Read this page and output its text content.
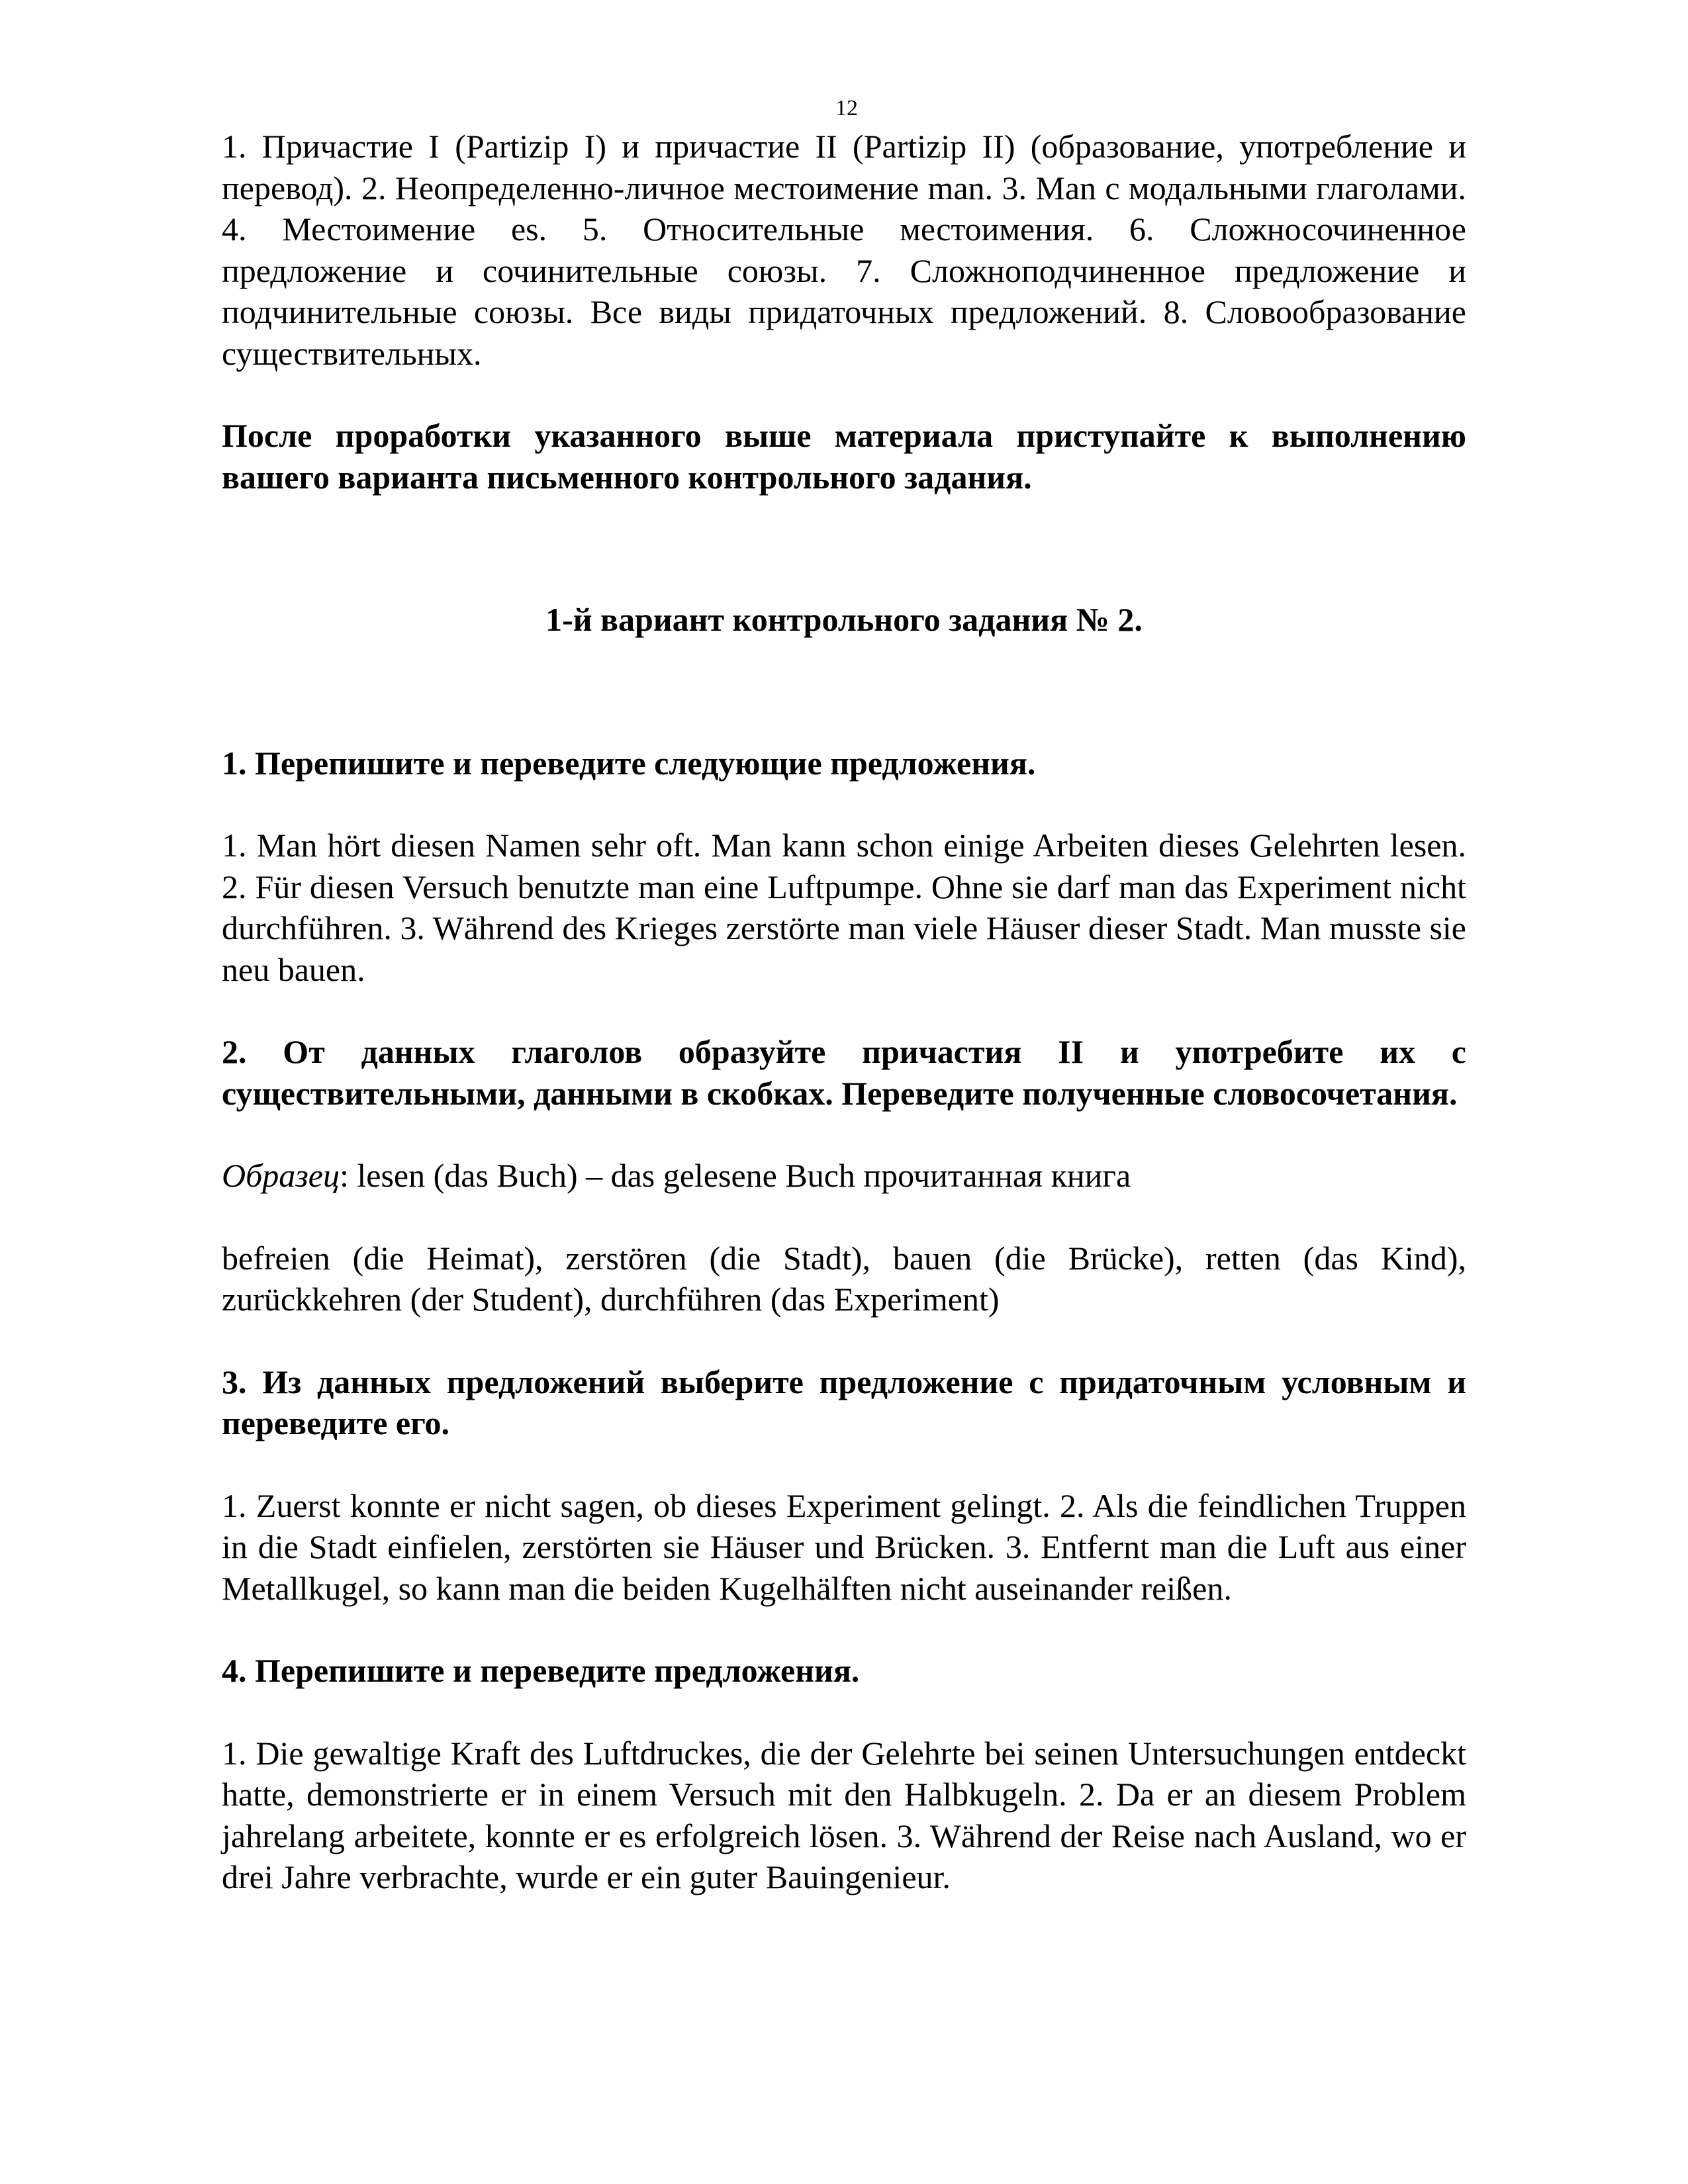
12

1. Причастие I (Partizip I) и причастие II (Partizip II) (образование, употребление и перевод). 2. Неопределенно-личное местоимение man. 3. Man с модальными глаголами. 4. Местоимение es. 5. Относительные местоимения. 6. Сложносочиненное предложение и сочинительные союзы. 7. Сложноподчиненное предложение и подчинительные союзы. Все виды придаточных предложений. 8. Словообразование существительных.

После проработки указанного выше материала приступайте к выполнению вашего варианта письменного контрольного задания.

1-й вариант контрольного задания № 2.

1. Перепишите и переведите следующие предложения.

1. Man hört diesen Namen sehr oft. Man kann schon einige Arbeiten dieses Gelehrten lesen. 2. Für diesen Versuch benutzte man eine Luftpumpe. Ohne sie darf man das Experiment nicht durchführen. 3. Während des Krieges zerstörte man viele Häuser dieser Stadt. Man musste sie neu bauen.

2. От данных глаголов образуйте причастия II и употребите их с существительными, данными в скобках. Переведите полученные словосочетания.

Образец: lesen (das Buch) – das gelesene Buch прочитанная книга

befreien (die Heimat), zerstören (die Stadt), bauen (die Brücke), retten (das Kind), zurückkehren (der Student), durchführen (das Experiment)

3. Из данных предложений выберите предложение с придаточным условным и переведите его.

1. Zuerst konnte er nicht sagen, ob dieses Experiment gelingt. 2. Als die feindlichen Truppen in die Stadt einfielen, zerstörten sie Häuser und Brücken. 3. Entfernt man die Luft aus einer Metallkugel, so kann man die beiden Kugelhälften nicht auseinander reißen.

4. Перепишите и переведите предложения.

1. Die gewaltige Kraft des Luftdruckes, die der Gelehrte bei seinen Untersuchungen entdeckt hatte, demonstrierte er in einem Versuch mit den Halbkugeln. 2. Da er an diesem Problem jahrelang arbeitete, konnte er es erfolgreich lösen. 3. Während der Reise nach Ausland, wo er drei Jahre verbrachte, wurde er ein guter Bauingenieur.
